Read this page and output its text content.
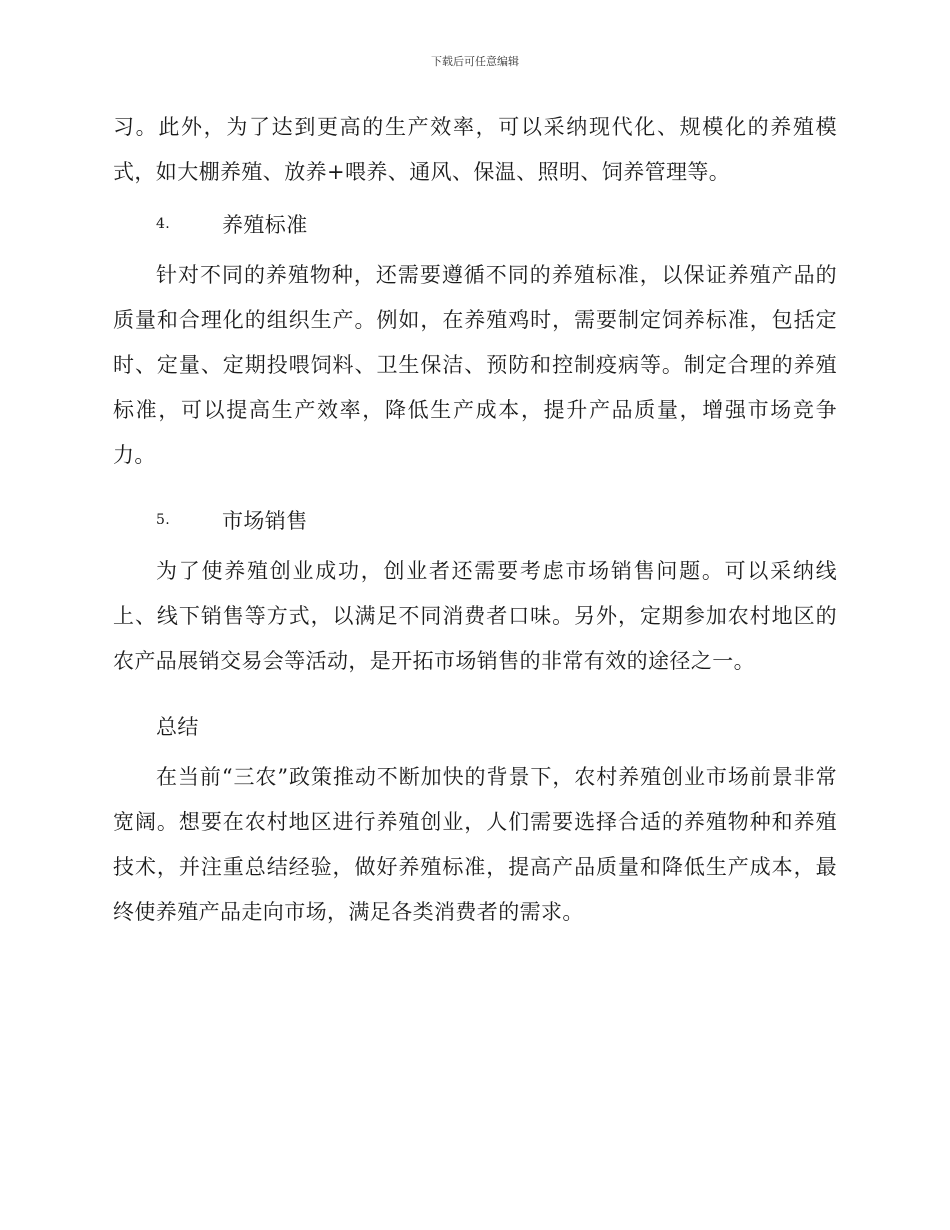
下载后可任意编辑

习。此外，为了达到更高的生产效率，可以采纳现代化、规模化的养殖模式，如大棚养殖、放养+喂养、通风、保温、照明、饲养管理等。

4.	养殖标准

针对不同的养殖物种，还需要遵循不同的养殖标准，以保证养殖产品的质量和合理化的组织生产。例如，在养殖鸡时，需要制定饲养标准，包括定时、定量、定期投喂饲料、卫生保洁、预防和控制疫病等。制定合理的养殖标准，可以提高生产效率，降低生产成本，提升产品质量，增强市场竞争力。

5.	市场销售

为了使养殖创业成功，创业者还需要考虑市场销售问题。可以采纳线上、线下销售等方式，以满足不同消费者口味。另外，定期参加农村地区的农产品展销交易会等活动，是开拓市场销售的非常有效的途径之一。

总结

在当前“三农”政策推动不断加快的背景下，农村养殖创业市场前景非常宽阔。想要在农村地区进行养殖创业，人们需要选择合适的养殖物种和养殖技术，并注重总结经验，做好养殖标准，提高产品质量和降低生产成本，最终使养殖产品走向市场，满足各类消费者的需求。
